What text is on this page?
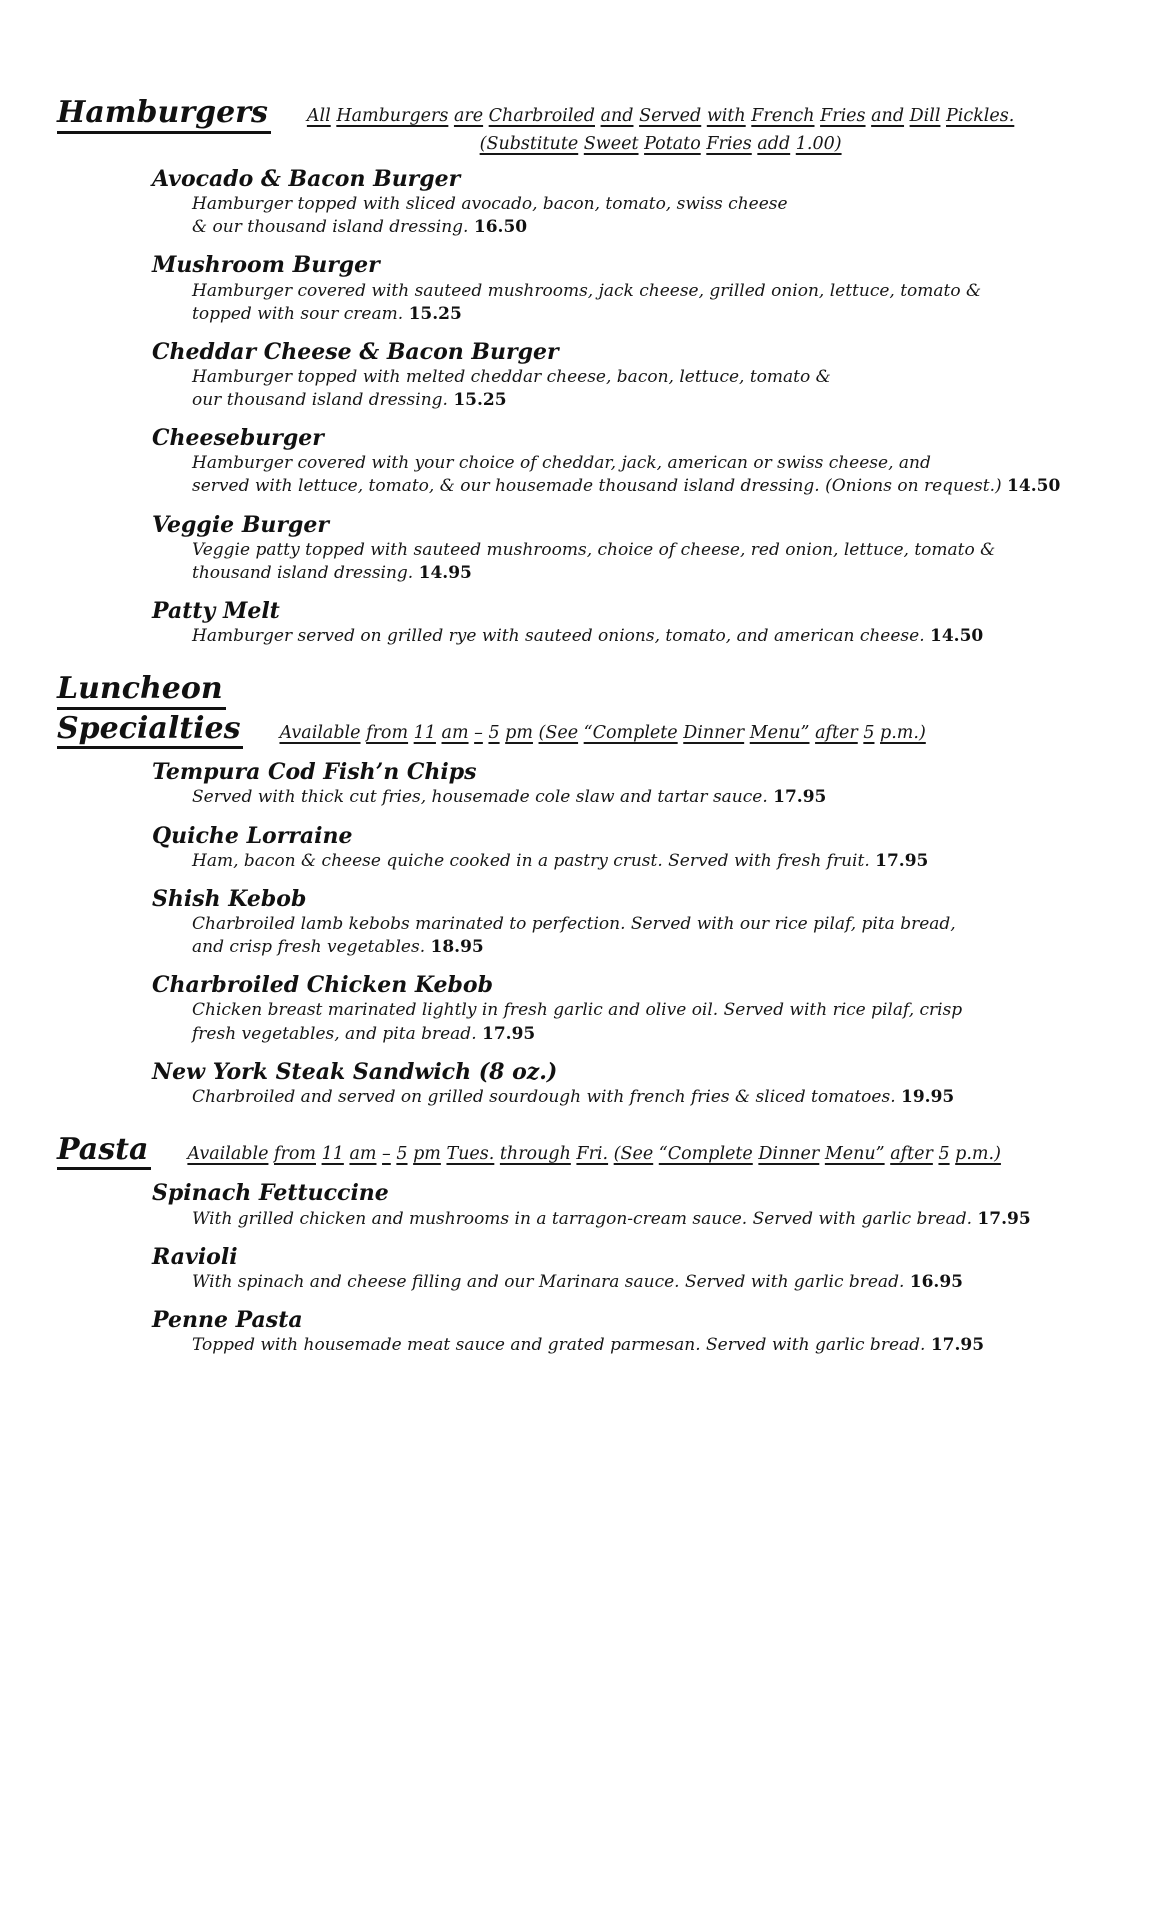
Hamburgers All Hamburgers are Charbroiled and Served with French Fries and Dill Pickles.
(Substitute Sweet Potato Fries add 1.00)
Avocado & Bacon Burger
Hamburger topped with sliced avocado, bacon, tomato, swiss cheese
& our thousand island dressing. 16.50
Mushroom Burger
Hamburger covered with sauteed mushrooms, jack cheese, grilled onion, lettuce, tomato &
topped with sour cream. 15.25
Cheddar Cheese & Bacon Burger
Hamburger topped with melted cheddar cheese, bacon, lettuce, tomato &
our thousand island dressing. 15.25
Cheeseburger
Hamburger covered with your choice of cheddar, jack, american or swiss cheese, and
served with lettuce, tomato, & our housemade thousand island dressing. (Onions on request.) 14.50
Veggie Burger
Veggie patty topped with sauteed mushrooms, choice of cheese, red onion, lettuce, tomato &
thousand island dressing. 14.95
Patty Melt
Hamburger served on grilled rye with sauteed onions, tomato, and american cheese. 14.50
Luncheon
Specialties Available from 11 am – 5 pm (See “Complete Dinner Menu” after 5 p.m.)
Tempura Cod Fish’n Chips
Served with thick cut fries, housemade cole slaw and tartar sauce. 17.95
Quiche Lorraine
Ham, bacon & cheese quiche cooked in a pastry crust. Served with fresh fruit. 17.95
Shish Kebob
Charbroiled lamb kebobs marinated to perfection. Served with our rice pilaf, pita bread,
and crisp fresh vegetables. 18.95
Charbroiled Chicken Kebob
Chicken breast marinated lightly in fresh garlic and olive oil. Served with rice pilaf, crisp
fresh vegetables, and pita bread. 17.95
New York Steak Sandwich (8 oz.)
Charbroiled and served on grilled sourdough with french fries & sliced tomatoes. 19.95
Pasta Available from 11 am – 5 pm Tues. through Fri. (See “Complete Dinner Menu” after 5 p.m.)
Spinach Fettuccine
With grilled chicken and mushrooms in a tarragon-cream sauce. Served with garlic bread. 17.95
Ravioli
With spinach and cheese filling and our Marinara sauce. Served with garlic bread. 16.95
Penne Pasta
Topped with housemade meat sauce and grated parmesan. Served with garlic bread. 17.95
